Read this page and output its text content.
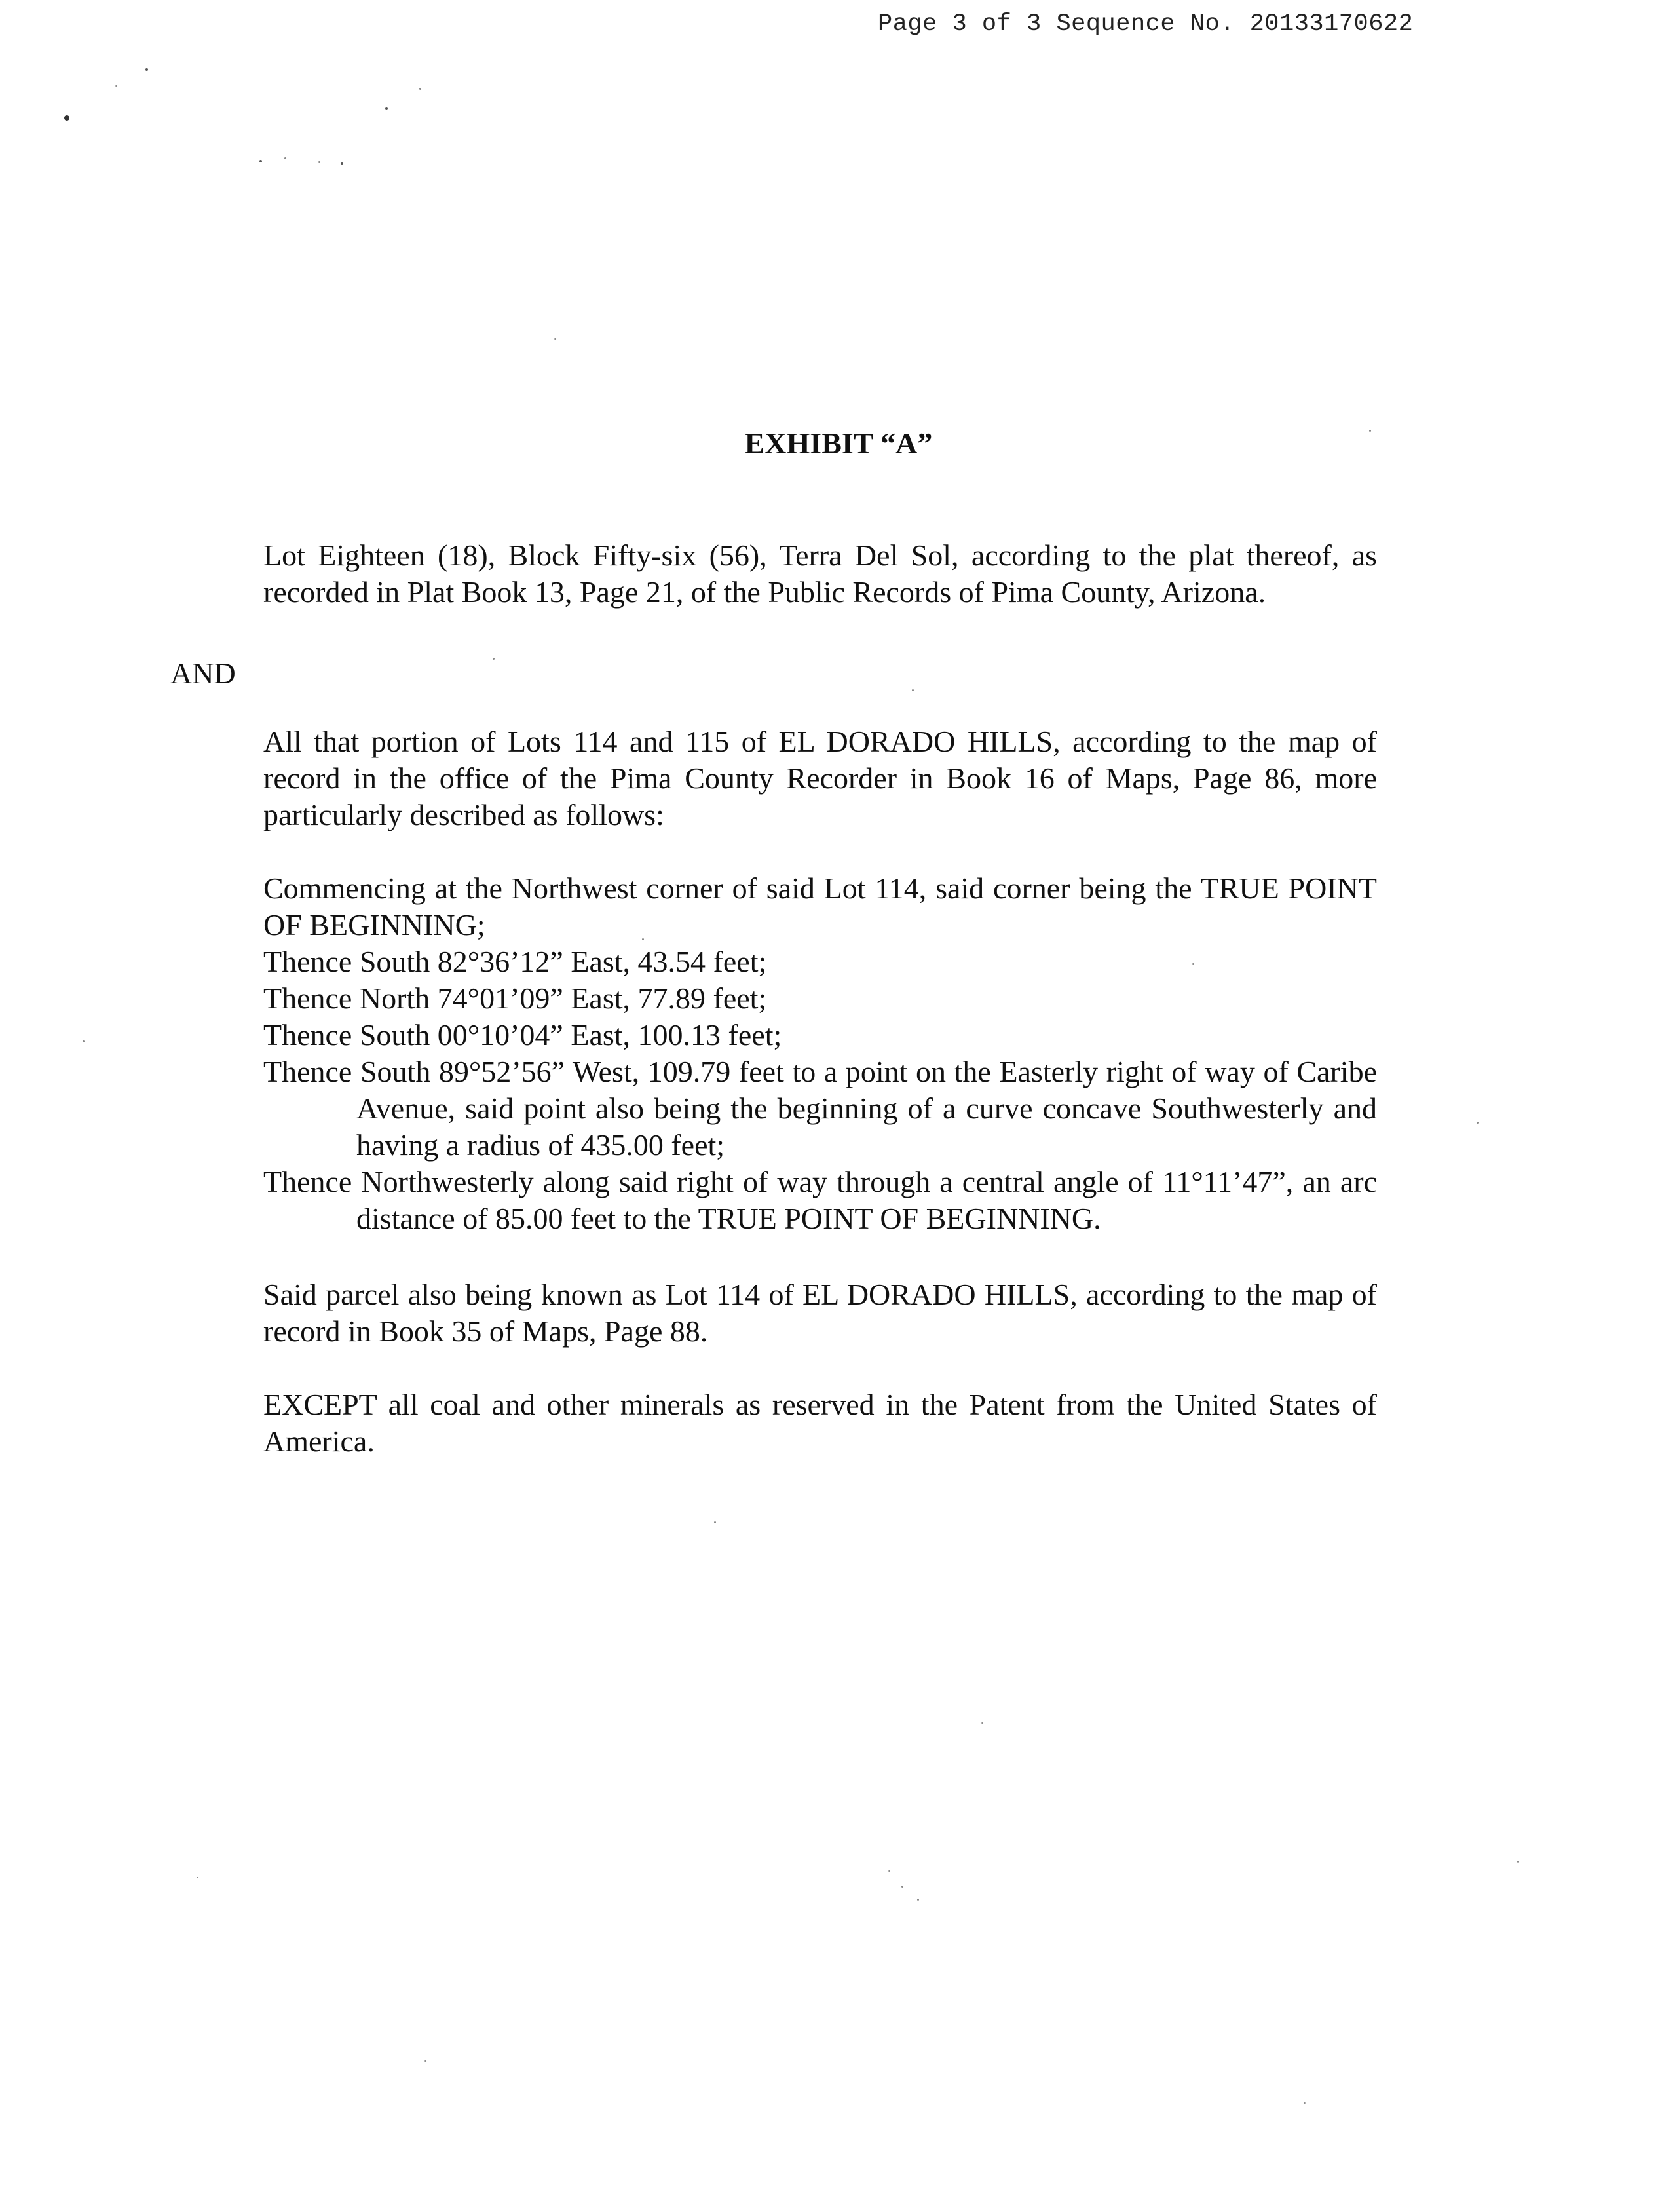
Page 3 of 3 Sequence No. 20133170622
EXHIBIT “A”
Lot Eighteen (18), Block Fifty-six (56), Terra Del Sol, according to the plat thereof, as recorded in Plat Book 13, Page 21, of the Public Records of Pima County, Arizona.
AND
All that portion of Lots 114 and 115 of EL DORADO HILLS, according to the map of record in the office of the Pima County Recorder in Book 16 of Maps, Page 86, more particularly described as follows:

Commencing at the Northwest corner of said Lot 114, said corner being the TRUE POINT OF BEGINNING;

Thence South 82°36’12” East, 43.54 feet;

Thence North 74°01’09” East, 77.89 feet;

Thence South 00°10’04” East, 100.13 feet;

Thence South 89°52’56” West, 109.79 feet to a point on the Easterly right of way of Caribe Avenue, said point also being the beginning of a curve concave Southwesterly and having a radius of 435.00 feet;

Thence Northwesterly along said right of way through a central angle of 11°11’47”, an arc distance of 85.00 feet to the TRUE POINT OF BEGINNING.

Said parcel also being known as Lot 114 of EL DORADO HILLS, according to the map of record in Book 35 of Maps, Page 88.
EXCEPT all coal and other minerals as reserved in the Patent from the United States of America.
